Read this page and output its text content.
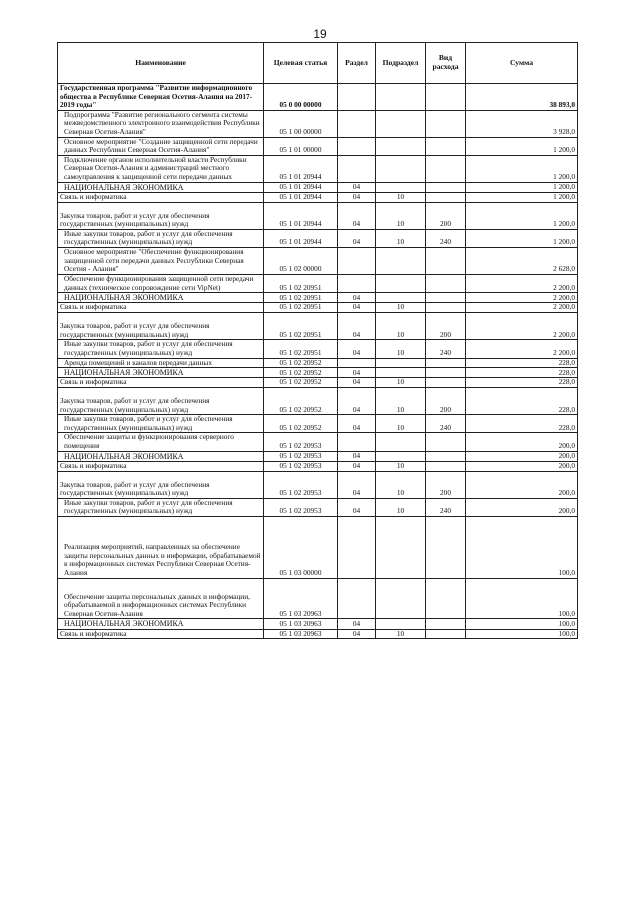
19
Наименование	Целевая статья	Раздел	Подраздел	Вид расхода	Сумма
Государственная программа "Развитие информационного общества в Республике Северная Осетия-Алания на 2017-2019 годы"	05 0 00 00000				38 893,0
Подпрограмма "Развитие регионального сегмента системы межведомственного электронного взаимодействия Республики Северная Осетия-Алания"	05 1 00 00000				3 928,0
Основное мероприятие "Создание защищенной сети передачи данных Республики Северная Осетия-Алания"	05 1 01 00000				1 200,0
Подключение органов исполнительной власти Республики Северная Осетия-Алания и администраций местного самоуправления к защищенной сети передачи данных	05 1 01 20944				1 200,0
НАЦИОНАЛЬНАЯ ЭКОНОМИКА	05 1 01 20944	04			1 200,0
Связь и информатика	05 1 01 20944	04	10		1 200,0
Закупка товаров, работ и услуг для обеспечения государственных (муниципальных) нужд	05 1 01 20944	04	10	200	1 200,0
Иные закупки товаров, работ и услуг для обеспечения государственных (муниципальных) нужд	05 1 01 20944	04	10	240	1 200,0
Основное мероприятие "Обеспечение функционирования защищенной сети передачи данных Республики Северная Осетия - Алания"	05 1 02 00000				2 628,0
Обеспечение функционирования защищенной сети передачи данных (техническое сопровождение сети VipNet)	05 1 02 20951				2 200,0
НАЦИОНАЛЬНАЯ ЭКОНОМИКА	05 1 02 20951	04			2 200,0
Связь и информатика	05 1 02 20951	04	10		2 200,0
Закупка товаров, работ и услуг для обеспечения государственных (муниципальных) нужд	05 1 02 20951	04	10	200	2 200,0
Иные закупки товаров, работ и услуг для обеспечения государственных (муниципальных) нужд	05 1 02 20951	04	10	240	2 200,0
Аренда помещений и каналов передачи данных	05 1 02 20952				228,0
НАЦИОНАЛЬНАЯ ЭКОНОМИКА	05 1 02 20952	04			228,0
Связь и информатика	05 1 02 20952	04	10		228,0
Закупка товаров, работ и услуг для обеспечения государственных (муниципальных) нужд	05 1 02 20952	04	10	200	228,0
Иные закупки товаров, работ и услуг для обеспечения государственных (муниципальных) нужд	05 1 02 20952	04	10	240	228,0
Обеспечение защиты и функционирования серверного помещения	05 1 02 20953				200,0
НАЦИОНАЛЬНАЯ ЭКОНОМИКА	05 1 02 20953	04			200,0
Связь и информатика	05 1 02 20953	04	10		200,0
Закупка товаров, работ и услуг для обеспечения государственных (муниципальных) нужд	05 1 02 20953	04	10	200	200,0
Иные закупки товаров, работ и услуг для обеспечения государственных (муниципальных) нужд	05 1 02 20953	04	10	240	200,0
Реализация мероприятий, направленных на обеспечение защиты персональных данных и информации, обрабатываемой в информационных системах Республики Северная Осетия-Алания	05 1 03 00000				100,0
Обеспечение защиты персональных данных и информации, обрабатываемой в информационных системах Республики Северная Осетия-Алания	05 1 03 20963				100,0
НАЦИОНАЛЬНАЯ ЭКОНОМИКА	05 1 03 20963	04			100,0
Связь и информатика	05 1 03 20963	04	10		100,0
